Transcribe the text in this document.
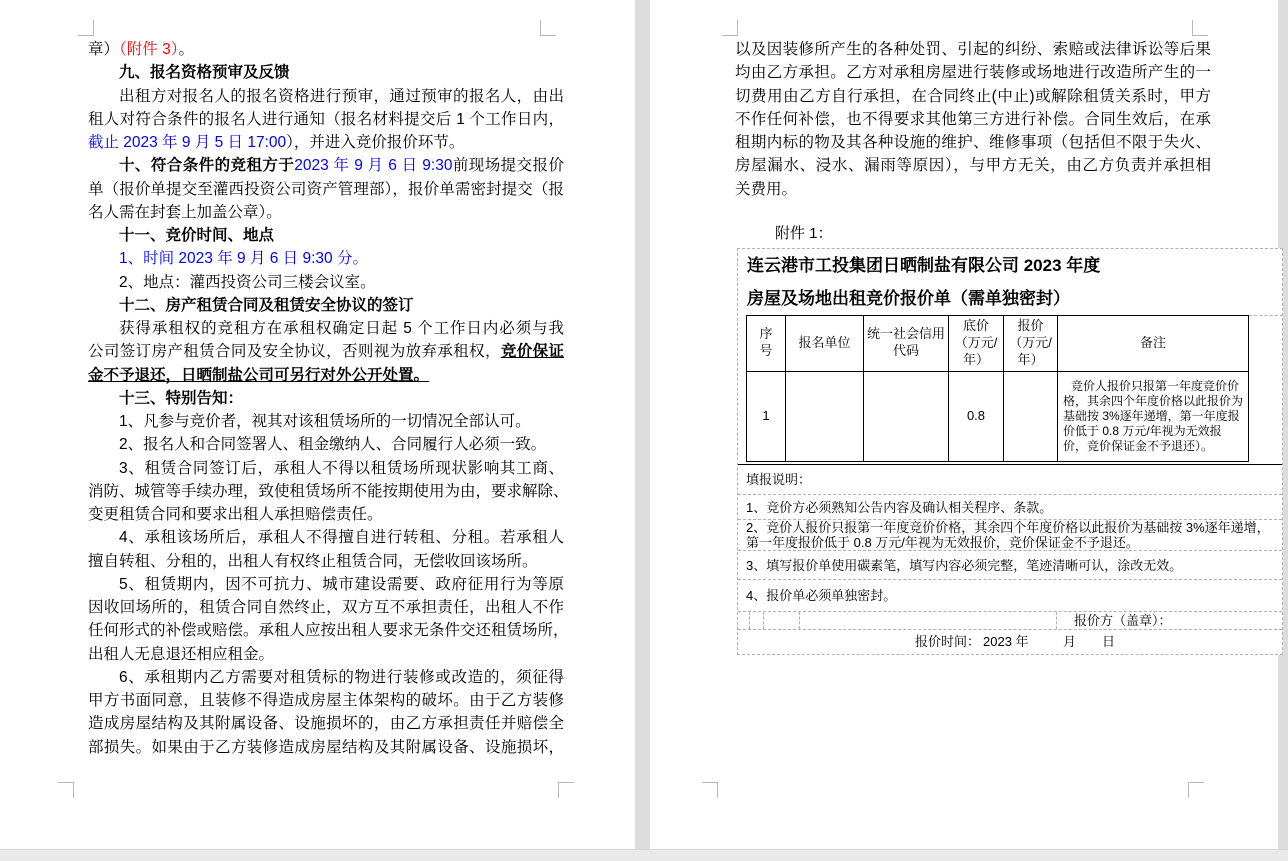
章）（附件 3）。
九、报名资格预审及反馈
出租方对报名人的报名资格进行预审，通过预审的报名人，由出
租人对符合条件的报名人进行通知（报名材料提交后 1 个工作日内，
截止 2023 年 9 月 5 日 17:00），并进入竞价报价环节。
十、符合条件的竞租方于2023 年 9 月 6 日 9:30前现场提交报价
单（报价单提交至灌西投资公司资产管理部），报价单需密封提交（报
名人需在封套上加盖公章）。
十一、竞价时间、地点
1、时间 2023 年 9 月 6 日 9:30 分。
2、地点：灌西投资公司三楼会议室。
十二、房产租赁合同及租赁安全协议的签订
获得承租权的竞租方在承租权确定日起 5 个工作日内必须与我
公司签订房产租赁合同及安全协议，否则视为放弃承租权，竞价保证
金不予退还，日晒制盐公司可另行对外公开处置。
十三、特别告知：
1、凡参与竞价者，视其对该租赁场所的一切情况全部认可。
2、报名人和合同签署人、租金缴纳人、合同履行人必须一致。
3、租赁合同签订后，承租人不得以租赁场所现状影响其工商、
消防、城管等手续办理，致使租赁场所不能按期使用为由，要求解除、
变更租赁合同和要求出租人承担赔偿责任。
4、承租该场所后，承租人不得擅自进行转租、分租。若承租人
擅自转租、分租的，出租人有权终止租赁合同，无偿收回该场所。
5、租赁期内，因不可抗力、城市建设需要、政府征用行为等原
因收回场所的，租赁合同自然终止，双方互不承担责任，出租人不作
任何形式的补偿或赔偿。承租人应按出租人要求无条件交还租赁场所，
出租人无息退还相应租金。
6、承租期内乙方需要对租赁标的物进行装修或改造的，须征得
甲方书面同意，且装修不得造成房屋主体架构的破坏。由于乙方装修
造成房屋结构及其附属设备、设施损坏的，由乙方承担责任并赔偿全
部损失。如果由于乙方装修造成房屋结构及其附属设备、设施损坏，
以及因装修所产生的各种处罚、引起的纠纷、索赔或法律诉讼等后果
均由乙方承担。乙方对承租房屋进行装修或场地进行改造所产生的一
切费用由乙方自行承担，在合同终止(中止)或解除租赁关系时，甲方
不作任何补偿，也不得要求其他第三方进行补偿。合同生效后，在承
租期内标的物及其各种设施的维护、维修事项（包括但不限于失火、
房屋漏水、浸水、漏雨等原因），与甲方无关，由乙方负责并承担相
关费用。
附件 1：
连云港市工投集团日晒制盐有限公司 2023 年度
房屋及场地出租竞价报价单（需单独密封）
序号	报名单位	统一社会信用代码	底价（万元/年）	报价（万元/年）	备注
1			0.8		竞价人报价只报第一年度竞价价格，其余四个年度价格以此报价为基础按 3%逐年递增，第一年度报价低于 0.8 万元/年视为无效报价，竞价保证金不予退还）。
填报说明：
1、竞价方必须熟知公告内容及确认相关程序、条款。
2、竞价人报价只报第一年度竞价价格，其余四个年度价格以此报价为基础按 3%逐年递增，第一年度报价低于 0.8 万元/年视为无效报价，竞价保证金不予退还。
3、填写报价单使用碳素笔，填写内容必须完整，笔迹清晰可认，涂改无效。
4、报价单必须单独密封。
报价方（盖章）：
报价时间： 2023 年	月 日
